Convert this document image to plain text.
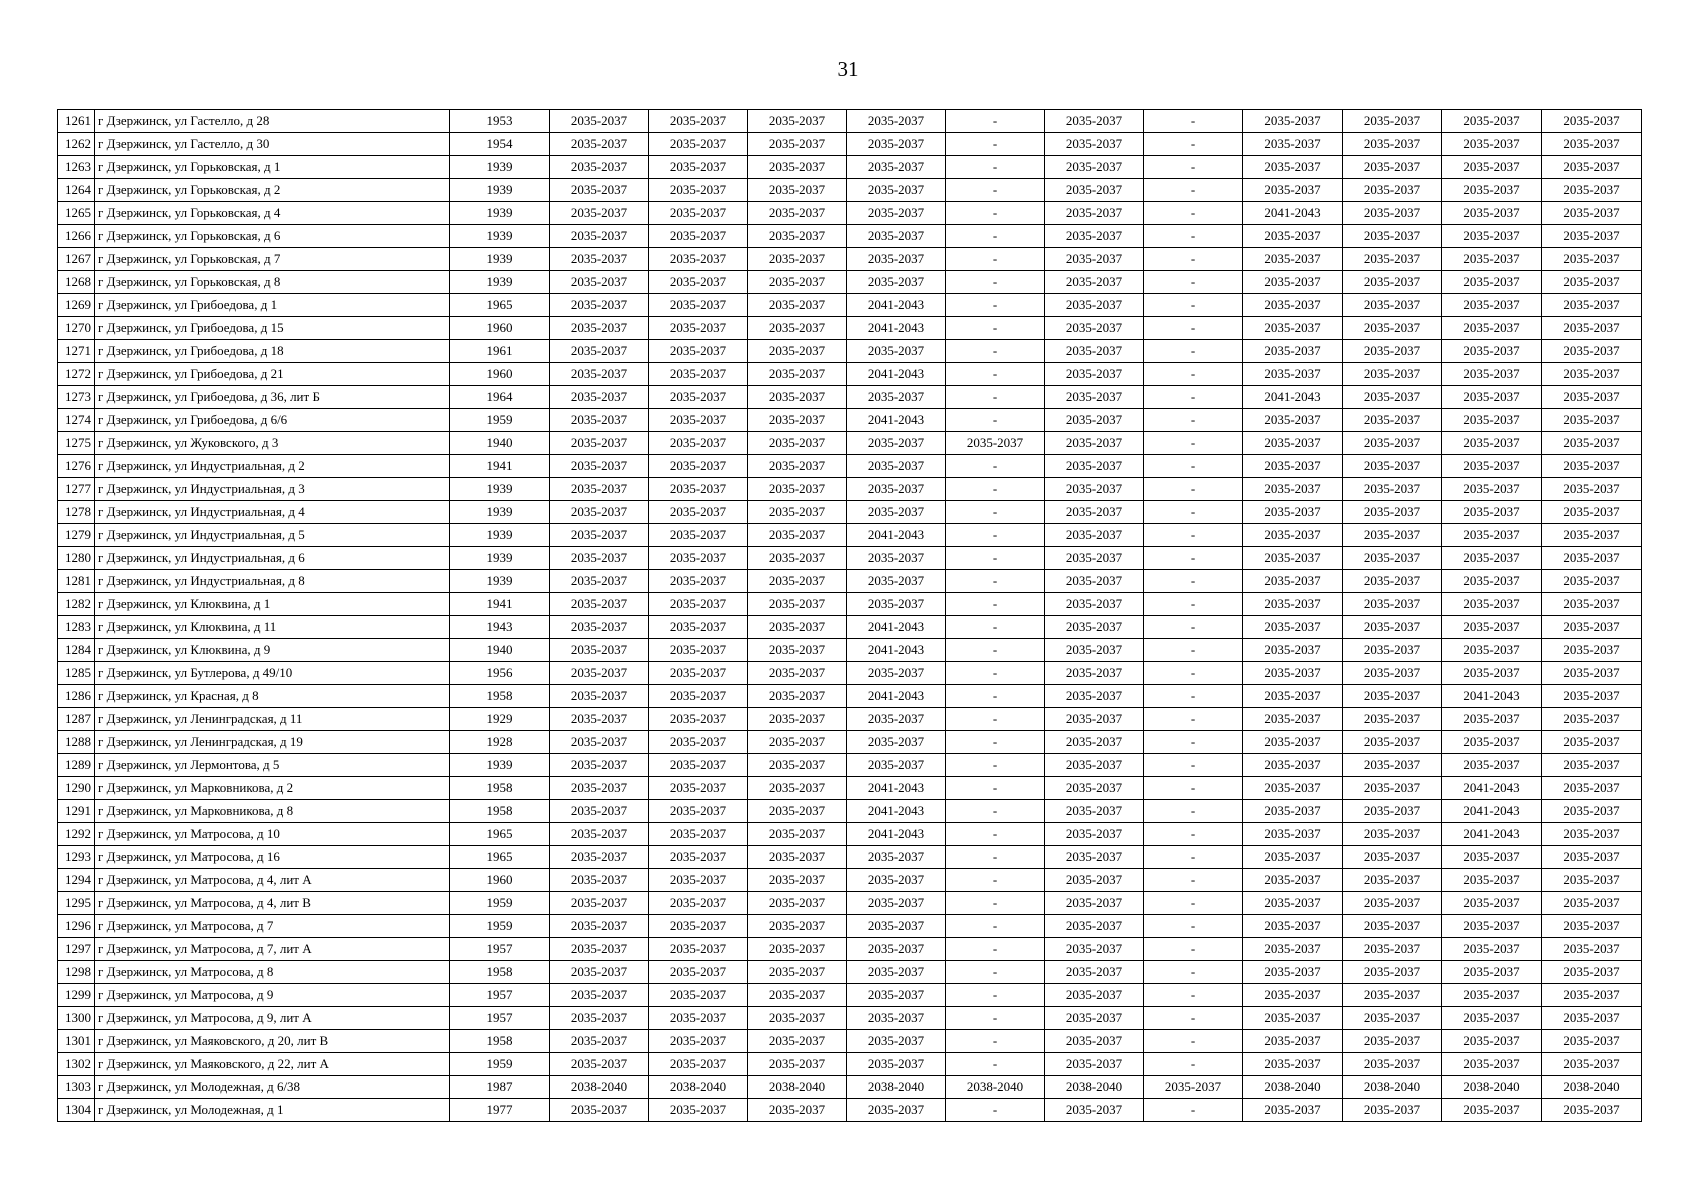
31
1261	г Дзержинск, ул Гастелло, д 28	1953	2035-2037	2035-2037	2035-2037	2035-2037	-	2035-2037	-	2035-2037	2035-2037	2035-2037	2035-2037
1262	г Дзержинск, ул Гастелло, д 30	1954	2035-2037	2035-2037	2035-2037	2035-2037	-	2035-2037	-	2035-2037	2035-2037	2035-2037	2035-2037
1263	г Дзержинск, ул Горьковская, д 1	1939	2035-2037	2035-2037	2035-2037	2035-2037	-	2035-2037	-	2035-2037	2035-2037	2035-2037	2035-2037
1264	г Дзержинск, ул Горьковская, д 2	1939	2035-2037	2035-2037	2035-2037	2035-2037	-	2035-2037	-	2035-2037	2035-2037	2035-2037	2035-2037
1265	г Дзержинск, ул Горьковская, д 4	1939	2035-2037	2035-2037	2035-2037	2035-2037	-	2035-2037	-	2041-2043	2035-2037	2035-2037	2035-2037
1266	г Дзержинск, ул Горьковская, д 6	1939	2035-2037	2035-2037	2035-2037	2035-2037	-	2035-2037	-	2035-2037	2035-2037	2035-2037	2035-2037
1267	г Дзержинск, ул Горьковская, д 7	1939	2035-2037	2035-2037	2035-2037	2035-2037	-	2035-2037	-	2035-2037	2035-2037	2035-2037	2035-2037
1268	г Дзержинск, ул Горьковская, д 8	1939	2035-2037	2035-2037	2035-2037	2035-2037	-	2035-2037	-	2035-2037	2035-2037	2035-2037	2035-2037
1269	г Дзержинск, ул Грибоедова, д 1	1965	2035-2037	2035-2037	2035-2037	2041-2043	-	2035-2037	-	2035-2037	2035-2037	2035-2037	2035-2037
1270	г Дзержинск, ул Грибоедова, д 15	1960	2035-2037	2035-2037	2035-2037	2041-2043	-	2035-2037	-	2035-2037	2035-2037	2035-2037	2035-2037
1271	г Дзержинск, ул Грибоедова, д 18	1961	2035-2037	2035-2037	2035-2037	2035-2037	-	2035-2037	-	2035-2037	2035-2037	2035-2037	2035-2037
1272	г Дзержинск, ул Грибоедова, д 21	1960	2035-2037	2035-2037	2035-2037	2041-2043	-	2035-2037	-	2035-2037	2035-2037	2035-2037	2035-2037
1273	г Дзержинск, ул Грибоедова, д 36, лит Б	1964	2035-2037	2035-2037	2035-2037	2035-2037	-	2035-2037	-	2041-2043	2035-2037	2035-2037	2035-2037
1274	г Дзержинск, ул Грибоедова, д 6/6	1959	2035-2037	2035-2037	2035-2037	2041-2043	-	2035-2037	-	2035-2037	2035-2037	2035-2037	2035-2037
1275	г Дзержинск, ул Жуковского, д 3	1940	2035-2037	2035-2037	2035-2037	2035-2037	2035-2037	2035-2037	-	2035-2037	2035-2037	2035-2037	2035-2037
1276	г Дзержинск, ул Индустриальная, д 2	1941	2035-2037	2035-2037	2035-2037	2035-2037	-	2035-2037	-	2035-2037	2035-2037	2035-2037	2035-2037
1277	г Дзержинск, ул Индустриальная, д 3	1939	2035-2037	2035-2037	2035-2037	2035-2037	-	2035-2037	-	2035-2037	2035-2037	2035-2037	2035-2037
1278	г Дзержинск, ул Индустриальная, д 4	1939	2035-2037	2035-2037	2035-2037	2035-2037	-	2035-2037	-	2035-2037	2035-2037	2035-2037	2035-2037
1279	г Дзержинск, ул Индустриальная, д 5	1939	2035-2037	2035-2037	2035-2037	2041-2043	-	2035-2037	-	2035-2037	2035-2037	2035-2037	2035-2037
1280	г Дзержинск, ул Индустриальная, д 6	1939	2035-2037	2035-2037	2035-2037	2035-2037	-	2035-2037	-	2035-2037	2035-2037	2035-2037	2035-2037
1281	г Дзержинск, ул Индустриальная, д 8	1939	2035-2037	2035-2037	2035-2037	2035-2037	-	2035-2037	-	2035-2037	2035-2037	2035-2037	2035-2037
1282	г Дзержинск, ул Клюквина, д 1	1941	2035-2037	2035-2037	2035-2037	2035-2037	-	2035-2037	-	2035-2037	2035-2037	2035-2037	2035-2037
1283	г Дзержинск, ул Клюквина, д 11	1943	2035-2037	2035-2037	2035-2037	2041-2043	-	2035-2037	-	2035-2037	2035-2037	2035-2037	2035-2037
1284	г Дзержинск, ул Клюквина, д 9	1940	2035-2037	2035-2037	2035-2037	2041-2043	-	2035-2037	-	2035-2037	2035-2037	2035-2037	2035-2037
1285	г Дзержинск, ул Бутлерова, д 49/10	1956	2035-2037	2035-2037	2035-2037	2035-2037	-	2035-2037	-	2035-2037	2035-2037	2035-2037	2035-2037
1286	г Дзержинск, ул Красная, д 8	1958	2035-2037	2035-2037	2035-2037	2041-2043	-	2035-2037	-	2035-2037	2035-2037	2041-2043	2035-2037
1287	г Дзержинск, ул Ленинградская, д 11	1929	2035-2037	2035-2037	2035-2037	2035-2037	-	2035-2037	-	2035-2037	2035-2037	2035-2037	2035-2037
1288	г Дзержинск, ул Ленинградская, д 19	1928	2035-2037	2035-2037	2035-2037	2035-2037	-	2035-2037	-	2035-2037	2035-2037	2035-2037	2035-2037
1289	г Дзержинск, ул Лермонтова, д 5	1939	2035-2037	2035-2037	2035-2037	2035-2037	-	2035-2037	-	2035-2037	2035-2037	2035-2037	2035-2037
1290	г Дзержинск, ул Марковникова, д 2	1958	2035-2037	2035-2037	2035-2037	2041-2043	-	2035-2037	-	2035-2037	2035-2037	2041-2043	2035-2037
1291	г Дзержинск, ул Марковникова, д 8	1958	2035-2037	2035-2037	2035-2037	2041-2043	-	2035-2037	-	2035-2037	2035-2037	2041-2043	2035-2037
1292	г Дзержинск, ул Матросова, д 10	1965	2035-2037	2035-2037	2035-2037	2041-2043	-	2035-2037	-	2035-2037	2035-2037	2041-2043	2035-2037
1293	г Дзержинск, ул Матросова, д 16	1965	2035-2037	2035-2037	2035-2037	2035-2037	-	2035-2037	-	2035-2037	2035-2037	2035-2037	2035-2037
1294	г Дзержинск, ул Матросова, д 4, лит А	1960	2035-2037	2035-2037	2035-2037	2035-2037	-	2035-2037	-	2035-2037	2035-2037	2035-2037	2035-2037
1295	г Дзержинск, ул Матросова, д 4, лит В	1959	2035-2037	2035-2037	2035-2037	2035-2037	-	2035-2037	-	2035-2037	2035-2037	2035-2037	2035-2037
1296	г Дзержинск, ул Матросова, д 7	1959	2035-2037	2035-2037	2035-2037	2035-2037	-	2035-2037	-	2035-2037	2035-2037	2035-2037	2035-2037
1297	г Дзержинск, ул Матросова, д 7, лит А	1957	2035-2037	2035-2037	2035-2037	2035-2037	-	2035-2037	-	2035-2037	2035-2037	2035-2037	2035-2037
1298	г Дзержинск, ул Матросова, д 8	1958	2035-2037	2035-2037	2035-2037	2035-2037	-	2035-2037	-	2035-2037	2035-2037	2035-2037	2035-2037
1299	г Дзержинск, ул Матросова, д 9	1957	2035-2037	2035-2037	2035-2037	2035-2037	-	2035-2037	-	2035-2037	2035-2037	2035-2037	2035-2037
1300	г Дзержинск, ул Матросова, д 9, лит А	1957	2035-2037	2035-2037	2035-2037	2035-2037	-	2035-2037	-	2035-2037	2035-2037	2035-2037	2035-2037
1301	г Дзержинск, ул Маяковского, д 20, лит В	1958	2035-2037	2035-2037	2035-2037	2035-2037	-	2035-2037	-	2035-2037	2035-2037	2035-2037	2035-2037
1302	г Дзержинск, ул Маяковского, д 22, лит А	1959	2035-2037	2035-2037	2035-2037	2035-2037	-	2035-2037	-	2035-2037	2035-2037	2035-2037	2035-2037
1303	г Дзержинск, ул Молодежная, д 6/38	1987	2038-2040	2038-2040	2038-2040	2038-2040	2038-2040	2038-2040	2035-2037	2038-2040	2038-2040	2038-2040	2038-2040
1304	г Дзержинск, ул Молодежная, д 1	1977	2035-2037	2035-2037	2035-2037	2035-2037	-	2035-2037	-	2035-2037	2035-2037	2035-2037	2035-2037
